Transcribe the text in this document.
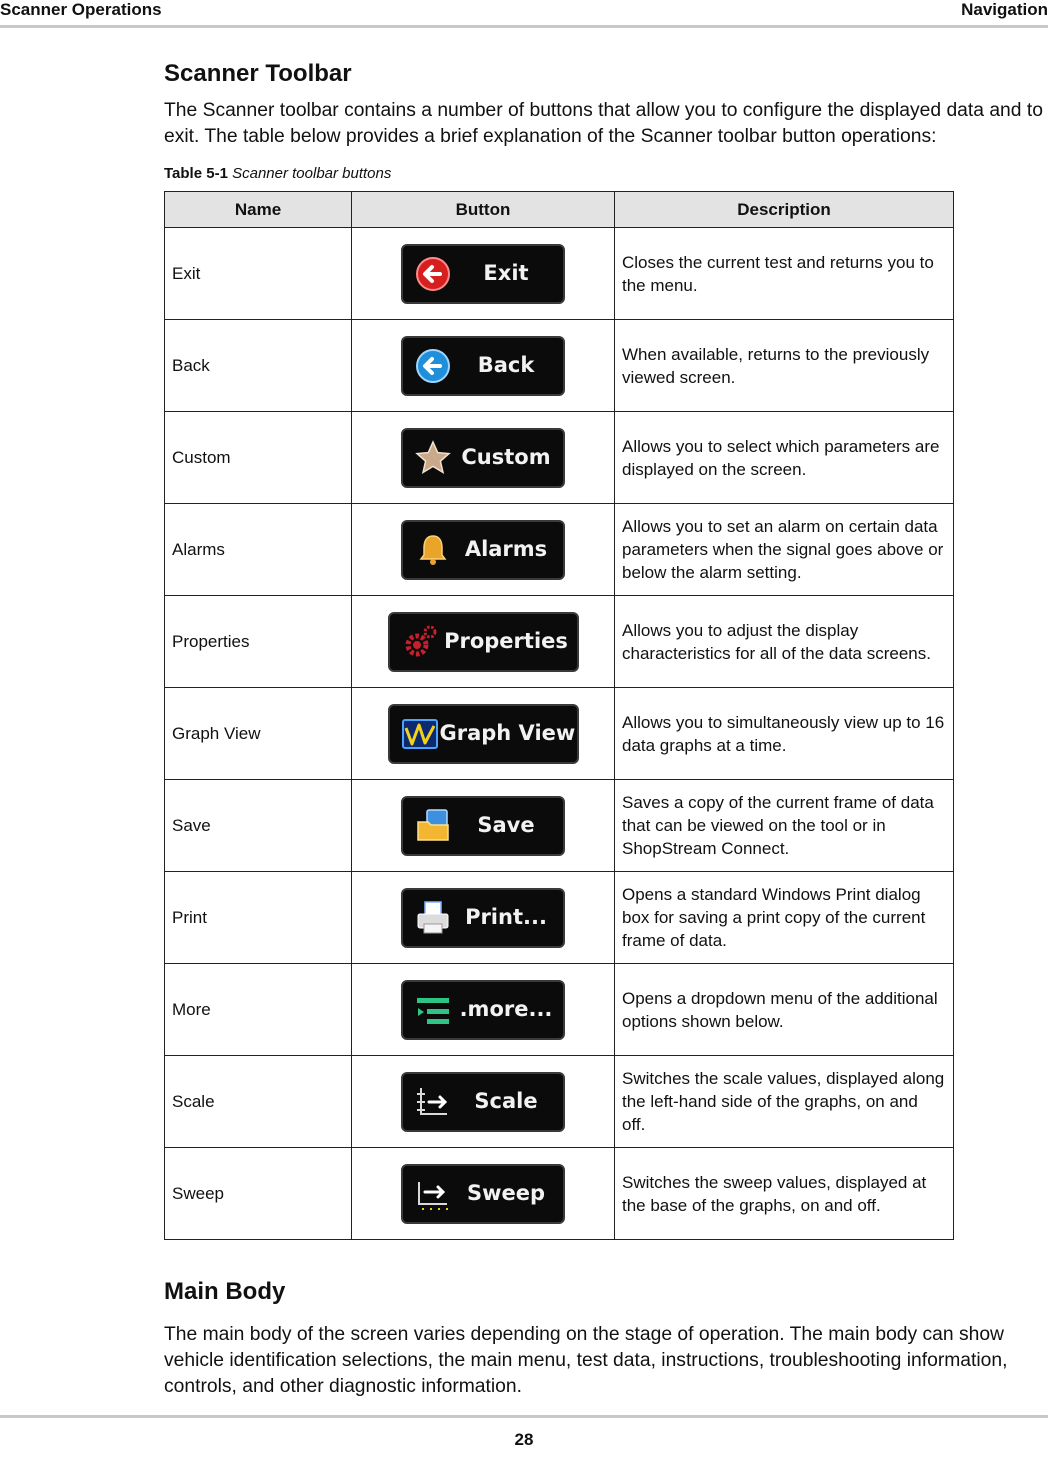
Scanner Operations	Navigation
Scanner Toolbar
The Scanner toolbar contains a number of buttons that allow you to configure the displayed data and to exit. The table below provides a brief explanation of the Scanner toolbar button operations:
Table 5-1 Scanner toolbar buttons
Name	Button	Description
Exit	Exit	Closes the current test and returns you to the menu.
Back	Back	When available, returns to the previously viewed screen.
Custom	Custom	Allows you to select which parameters are displayed on the screen.
Alarms	Alarms	Allows you to set an alarm on certain data parameters when the signal goes above or below the alarm setting.
Properties	Properties	Allows you to adjust the display characteristics for all of the data screens.
Graph View	Graph View	Allows you to simultaneously view up to 16 data graphs at a time.
Save	Save	Saves a copy of the current frame of data that can be viewed on the tool or in ShopStream Connect.
Print	Print...	Opens a standard Windows Print dialog box for saving a print copy of the current frame of data.
More	.more...	Opens a dropdown menu of the additional options shown below.
Scale	Scale	Switches the scale values, displayed along the left-hand side of the graphs, on and off.
Sweep	Sweep	Switches the sweep values, displayed at the base of the graphs, on and off.
Main Body
The main body of the screen varies depending on the stage of operation. The main body can show vehicle identification selections, the main menu, test data, instructions, troubleshooting information, controls, and other diagnostic information.
28
